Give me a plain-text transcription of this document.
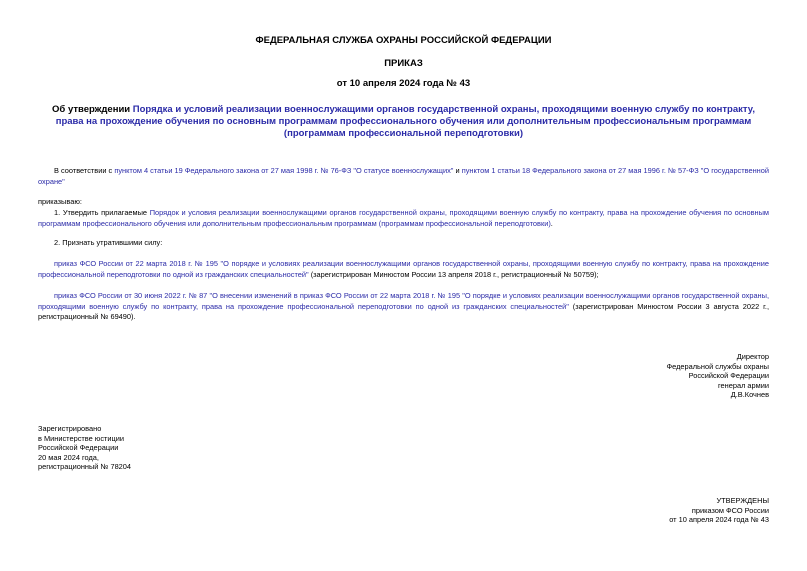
ФЕДЕРАЛЬНАЯ СЛУЖБА ОХРАНЫ РОССИЙСКОЙ ФЕДЕРАЦИИ
ПРИКАЗ
от 10 апреля 2024 года № 43
Об утверждении Порядка и условий реализации военнослужащими органов государственной охраны, проходящими военную службу по контракту, права на прохождение обучения по основным программам профессионального обучения или дополнительным профессиональным программам (программам профессиональной переподготовки)
В соответствии с пунктом 4 статьи 19 Федерального закона от 27 мая 1998 г. № 76-ФЗ "О статусе военнослужащих" и пунктом 1 статьи 18 Федерального закона от 27 мая 1996 г. № 57-ФЗ "О государственной охране"
приказываю:
1. Утвердить прилагаемые Порядок и условия реализации военнослужащими органов государственной охраны, проходящими военную службу по контракту, права на прохождение обучения по основным программам профессионального обучения или дополнительным профессиональным программам (программам профессиональной переподготовки).
2. Признать утратившими силу:
приказ ФСО России от 22 марта 2018 г. № 195 "О порядке и условиях реализации военнослужащими органов государственной охраны, проходящими военную службу по контракту, права на прохождение профессиональной переподготовки по одной из гражданских специальностей" (зарегистрирован Минюстом России 13 апреля 2018 г., регистрационный № 50759);
приказ ФСО России от 30 июня 2022 г. № 87 "О внесении изменений в приказ ФСО России от 22 марта 2018 г. № 195 "О порядке и условиях реализации военнослужащими органов государственной охраны, проходящими военную службу по контракту, права на прохождение профессиональной переподготовки по одной из гражданских специальностей" (зарегистрирован Минюстом России 3 августа 2022 г., регистрационный № 69490).
Директор
Федеральной службы охраны
Российской Федерации
генерал армии
Д.В.Кочнев
Зарегистрировано
в Министерстве юстиции
Российской Федерации
20 мая 2024 года,
регистрационный № 78204
УТВЕРЖДЕНЫ
приказом ФСО России
от 10 апреля 2024 года № 43
